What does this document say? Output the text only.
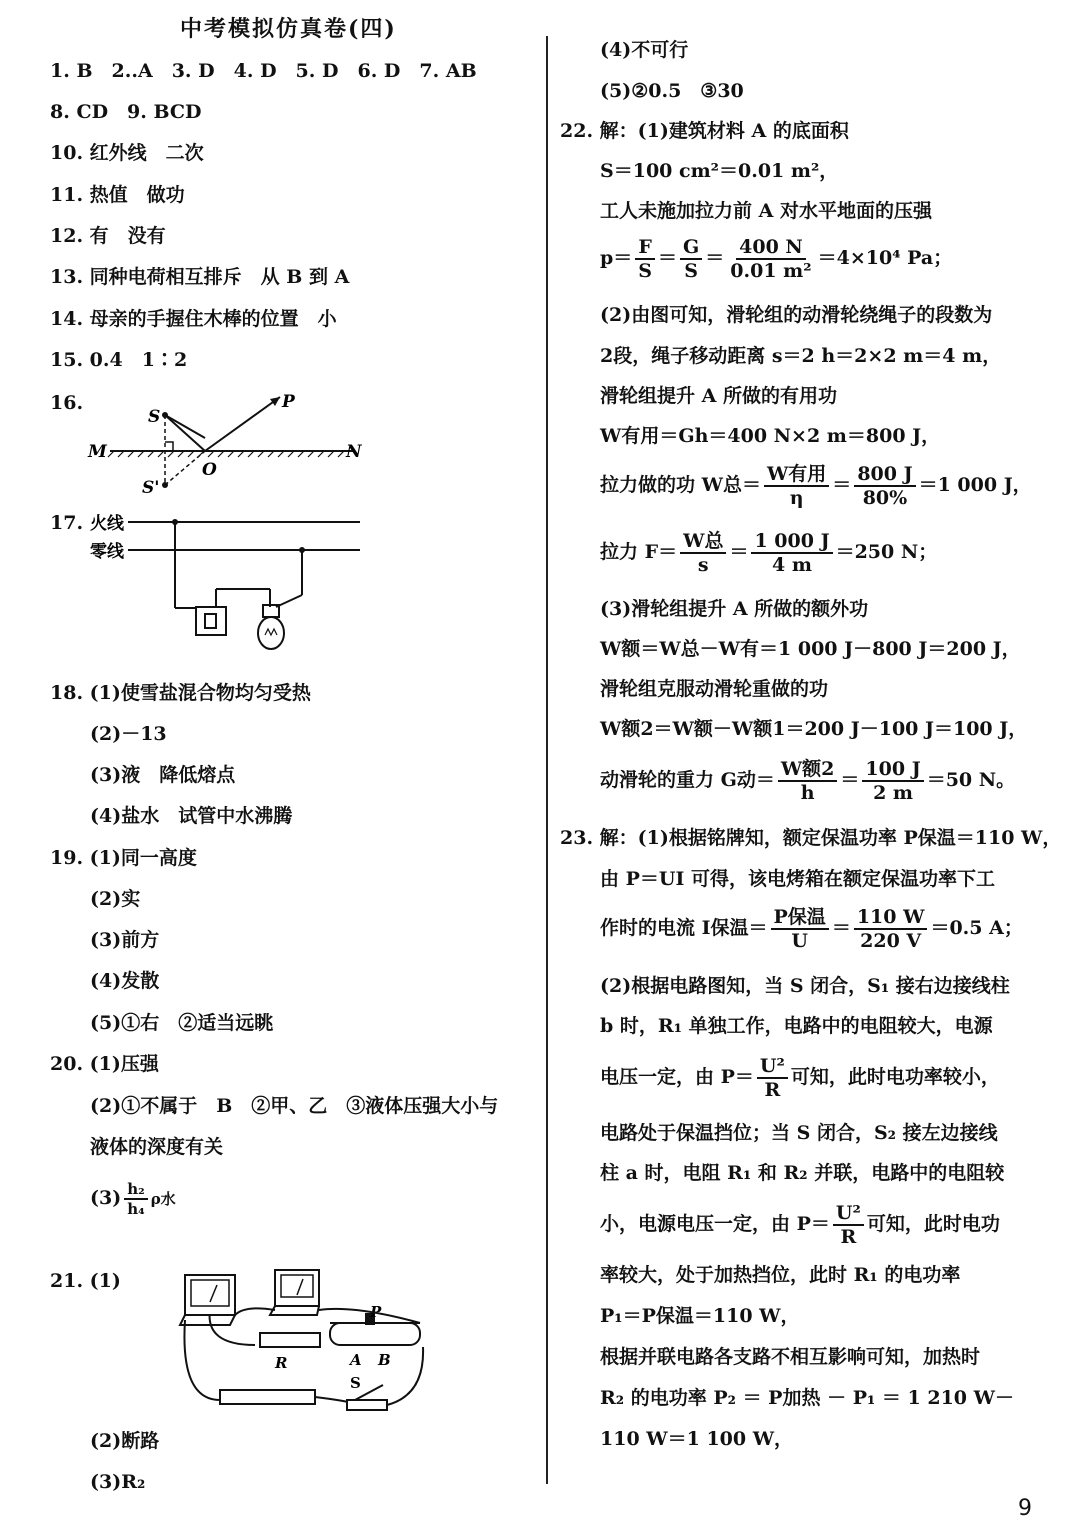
中考模拟仿真卷(四)
1. B　2..A　3. D　4. D　5. D　6. D　7. AB
8. CD　9. BCD
10. 红外线　二次
11. 热值　做功
12. 有　没有
13. 同种电荷相互排斥　从 B 到 A
14. 母亲的手握住木棒的位置　小
15. 0.4　1∶2
16.
S
S'
M	N
O
P
17. 火线
零线
18. (1)使雪盐混合物均匀受热
(2)－13
(3)液　降低熔点
(4)盐水　试管中水沸腾
19. (1)同一高度
(2)实
(3)前方
(4)发散
(5)①右　②适当远眺
20. (1)压强
(2)①不属于　B　②甲、乙　③液体压强大小与
液体的深度有关
$(3) \frac{\text{h₂}}{\text{h₄}}$ ρ水
21. (1)
R
P
A B
S
(2)断路
(3)R₂
(4)不可行
(5)②0.5　③30
22. 解：(1)建筑材料 A 的底面积
S＝100 cm²＝0.01 m²，
工人未施加拉力前 A 对水平地面的压强
$p= \frac{F}{S} = \frac{G}{S} = \frac{400 N}{\text{0.01 m²}} =4\times 10^4$ Pa；
(2)由图可知，滑轮组的动滑轮绕绳子的段数为
2段，绳子移动距离 s＝2 h＝2×2 m＝4 m，
滑轮组提升 A 所做的有用功
W有用＝Gh＝400 N×2 m＝800 J，
拉力做的功 W总＝ $\frac{\text{W有用}}{\eta} = \frac{800 J}{80\%} =1$ 000 J，
拉力 $F= \frac{\text{W总}}{s} = \frac{1 000 J}{4 m} =250$ N；
(3)滑轮组提升 A 所做的额外功
W额＝W总－W有＝1 000 J－800 J＝200 J，
滑轮组克服动滑轮重做的功
W额2＝W额－W额1＝200 J－100 J＝100 J，
动滑轮的重力 G动＝ $\frac{\text{W额2}}{h} = \frac{100 J}{2 m} =50$ N。
23. 解：(1)根据铭牌知，额定保温功率 P保温＝110 W，
由 P＝UI 可得，该电烤箱在额定保温功率下工
作时的电流 I保温＝ $\frac{\text{P保温}}{U} = \frac{110 W}{220 V} =0.5$ A；
(2)根据电路图知，当 S 闭合，S₁ 接右边接线柱
b 时，R₁ 单独工作，电路中的电阻较大，电源
电压一定，由 $P= \frac{\text{U²}}{R}$ 可知，此时电功率较小，
电路处于保温挡位；当 S 闭合，S₂ 接左边接线
柱 a 时，电阻 R₁ 和 R₂ 并联，电路中的电阻较
小，电源电压一定，由 $P= \frac{\text{U²}}{R}$ 可知，此时电功
率较大，处于加热挡位，此时 R₁ 的电功率
P₁＝P保温＝110 W，
根据并联电路各支路不相互影响可知，加热时
R₂ 的电功率 P₂ ＝ P加热 － P₁ ＝ 1 210 W－
110 W＝1 100 W，
9
